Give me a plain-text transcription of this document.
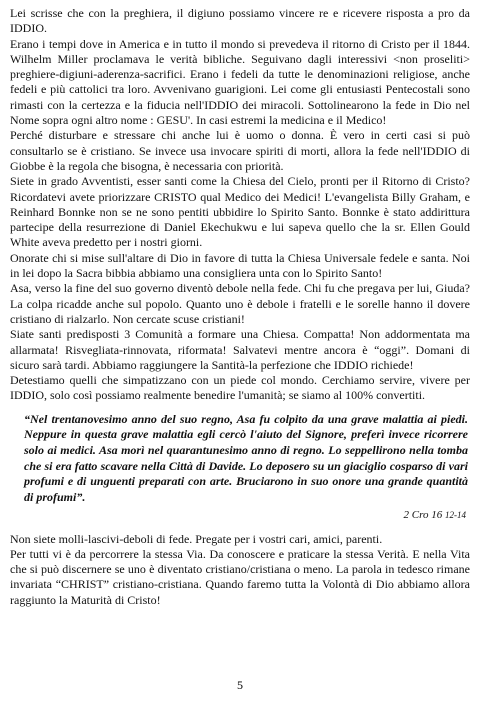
Lei scrisse che con la preghiera, il digiuno possiamo vincere re e ricevere risposta a pro da IDDIO.

Erano i tempi dove in America e in tutto il mondo si prevedeva il ritorno di Cristo per il 1844. Wilhelm Miller proclamava le verità bibliche. Seguivano dagli interessivi <non proseliti> preghiere-digiuni-aderenza-sacrifici. Erano i fedeli da tutte le denominazioni religiose, anche fedeli e più cattolici tra loro. Avvenivano guarigioni. Lei come gli entusiasti Pentecostali sono rimasti con la certezza e la fiducia nell'IDDIO dei miracoli. Sottolinearono la fede in Dio nel Nome sopra ogni altro nome : GESU'. In casi estremi la medicina e il Medico!

Perché disturbare e stressare chi anche lui è uomo o donna. È vero in certi casi si può consultarlo se è cristiano. Se invece usa invocare spiriti di morti, allora la fede nell'IDDIO di Giobbe è la regola che bisogna, è necessaria con priorità.

Siete in grado Avventisti, esser santi come la Chiesa del Cielo, pronti per il Ritorno di Cristo? Ricordatevi avete priorizzare CRISTO qual Medico dei Medici! L'evangelista Billy Graham, e Reinhard Bonnke non se ne sono pentiti ubbidire lo Spirito Santo. Bonnke è stato addirittura partecipe della resurrezione di Daniel Ekechukwu e lui sapeva quello che la sr. Ellen Gould White aveva predetto per i nostri giorni.

Onorate chi si mise sull'altare di Dio in favore di tutta la Chiesa Universale fedele e santa. Noi in lei dopo la Sacra bibbia abbiamo una consigliera unta con lo Spirito Santo!

Asa, verso la fine del suo governo diventò debole nella fede. Chi fu che pregava per lui, Giuda? La colpa ricadde anche sul popolo. Quanto uno è debole i fratelli e le sorelle hanno il dovere cristiano di rialzarlo. Non cercate scuse cristiani!

Siate santi predisposti 3 Comunità a formare una Chiesa. Compatta! Non addormentata ma allarmata! Risvegliata-rinnovata, riformata! Salvatevi mentre ancora è “oggi”. Domani di sicuro sarà tardi. Abbiamo raggiungere la Santità-la perfezione che IDDIO richiede!

Detestiamo quelli che simpatizzano con un piede col mondo. Cerchiamo servire, vivere per IDDIO, solo così possiamo realmente benedire l'umanità; se siamo al 100% convertiti.

“Nel trentanovesimo anno del suo regno, Asa fu colpito da una grave malattia ai piedi. Neppure in questa grave malattia egli cercò l'aiuto del Signore, preferì invece ricorrere solo ai medici. Asa morì nel quarantunesimo anno di regno. Lo seppellirono nella tomba che si era fatto scavare nella Città di Davide. Lo deposero su un giaciglio cosparso di vari profumi e di unguenti preparati con arte. Bruciarono in suo onore una grande quantità di profumi”.

2 Cro 16 12-14

Non siete molli-lascivi-deboli di fede. Pregate per i vostri cari, amici, parenti.

Per tutti vi è da percorrere la stessa Via. Da conoscere e praticare la stessa Verità. E nella Vita che si può discernere se uno è diventato cristiano/cristiana o meno. La parola in tedesco rimane invariata “CHRIST” cristiano-cristiana. Quando faremo tutta la Volontà di Dio abbiamo allora raggiunto la Maturità di Cristo!

5
